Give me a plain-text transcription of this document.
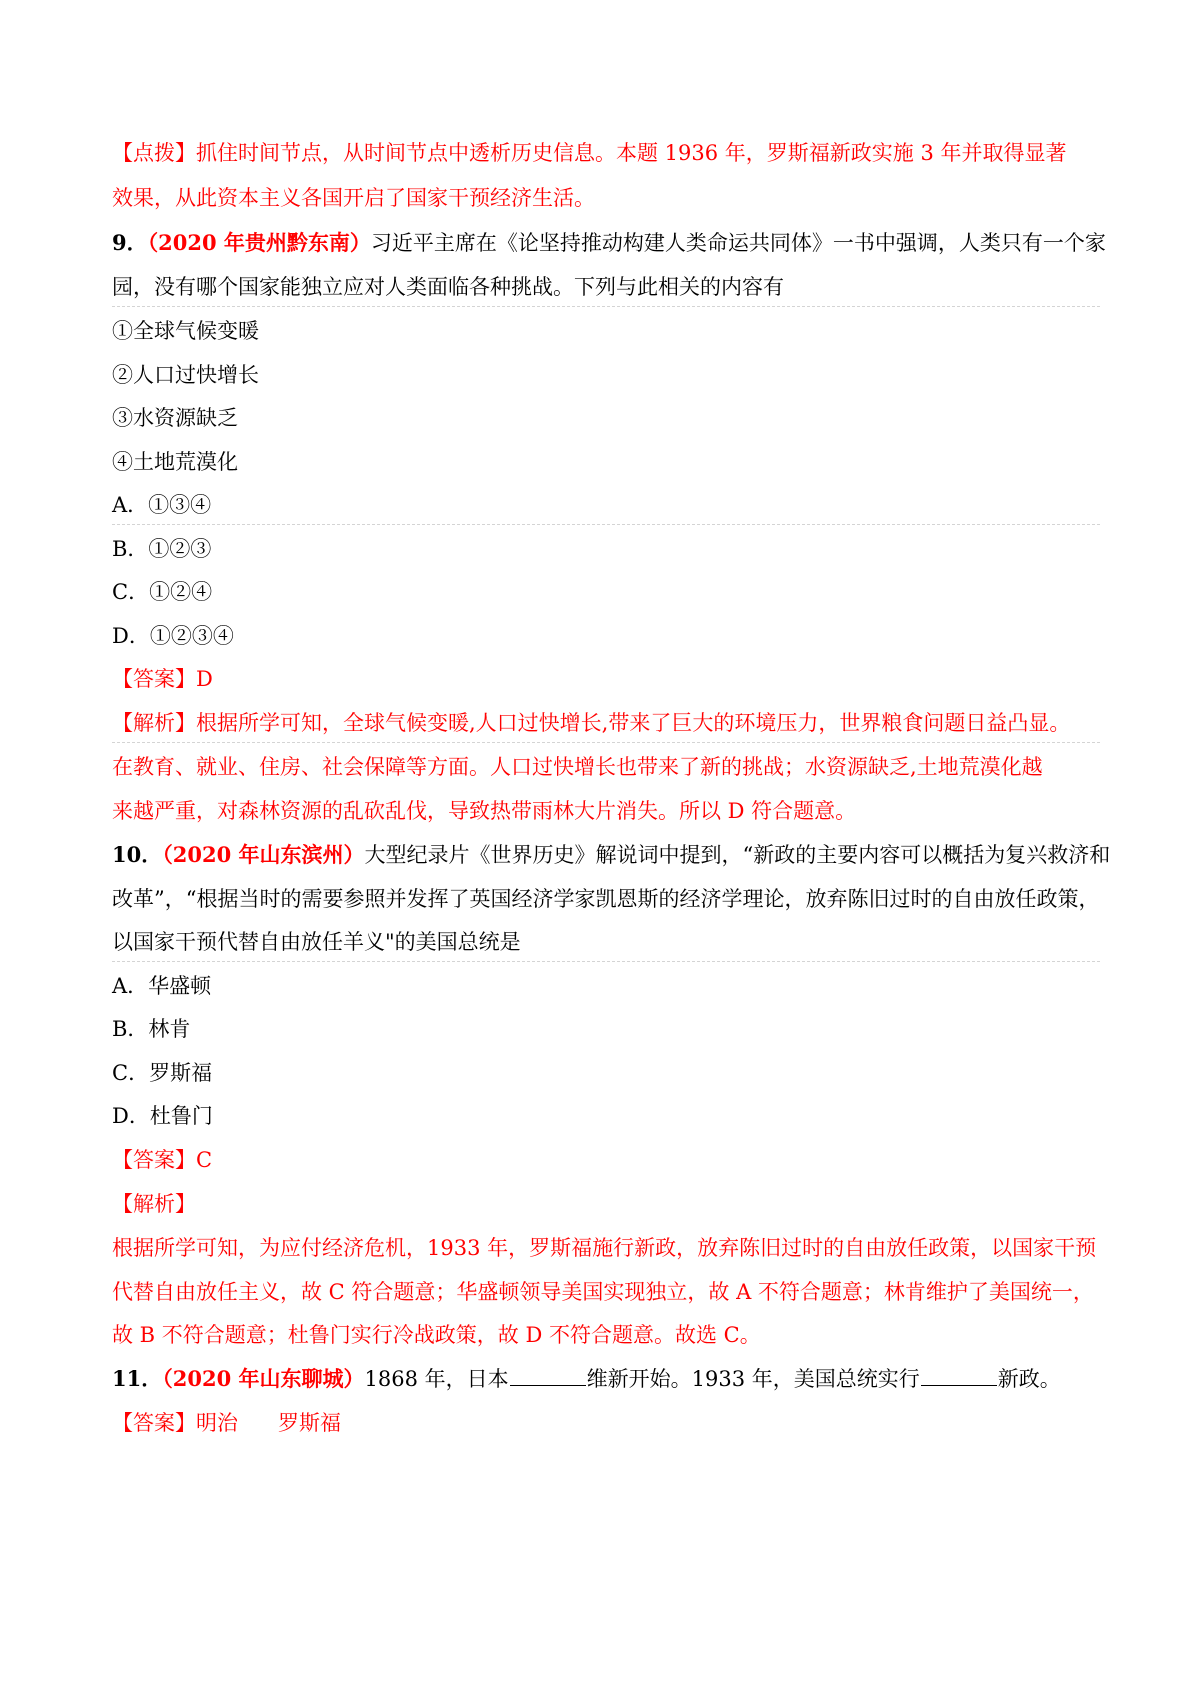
【点拨】抓住时间节点，从时间节点中透析历史信息。本题 1936 年，罗斯福新政实施 3 年并取得显著
效果，从此资本主义各国开启了国家干预经济生活。
9．（2020 年贵州黔东南）习近平主席在《论坚持推动构建人类命运共同体》一书中强调，人类只有一个家
园，没有哪个国家能独立应对人类面临各种挑战。下列与此相关的内容有
①全球气候变暖
②人口过快增长
③水资源缺乏
④土地荒漠化
A．①③④
B．①②③
C．①②④
D．①②③④
【答案】D
【解析】根据所学可知，全球气候变暖,人口过快增长,带来了巨大的环境压力，世界粮食问题日益凸显。
在教育、就业、住房、社会保障等方面。人口过快增长也带来了新的挑战；水资源缺乏,土地荒漠化越
来越严重，对森林资源的乱砍乱伐，导致热带雨林大片消失。所以 D 符合题意。
10．（2020 年山东滨州）大型纪录片《世界历史》解说词中提到，“新政的主要内容可以概括为复兴救济和
改革”，“根据当时的需要参照并发挥了英国经济学家凯恩斯的经济学理论，放弃陈旧过时的自由放任政策，
以国家干预代替自由放任羊义"的美国总统是
A．华盛顿
B．林肯
C．罗斯福
D．杜鲁门
【答案】C
【解析】
根据所学可知，为应付经济危机，1933 年，罗斯福施行新政，放弃陈旧过时的自由放任政策，以国家干预
代替自由放任主义，故 C 符合题意；华盛顿领导美国实现独立，故 A 不符合题意；林肯维护了美国统一，
故 B 不符合题意；杜鲁门实行冷战政策，故 D 不符合题意。故选 C。
11．（2020 年山东聊城）1868 年，日本	维新开始。1933 年，美国总统实行	新政。
【答案】明治 罗斯福
